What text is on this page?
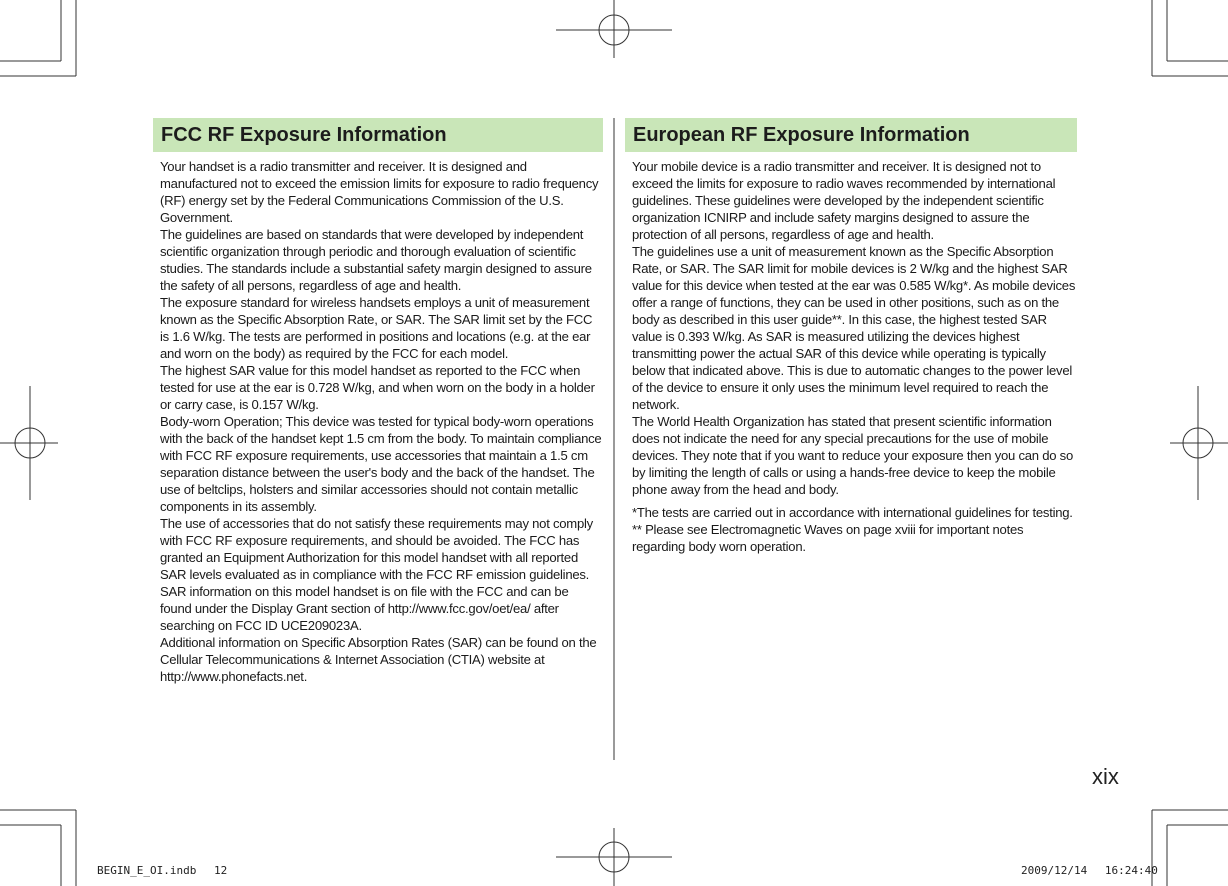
FCC RF Exposure Information

Your handset is a radio transmitter and receiver. It is designed and manufactured not to exceed the emission limits for exposure to radio frequency (RF) energy set by the Federal Communications Commission of the U.S. Government.

The guidelines are based on standards that were developed by independent scientific organization through periodic and thorough evaluation of scientific studies. The standards include a substantial safety margin designed to assure the safety of all persons, regardless of age and health.

The exposure standard for wireless handsets employs a unit of measurement known as the Specific Absorption Rate, or SAR. The SAR limit set by the FCC is 1.6 W/kg. The tests are performed in positions and locations (e.g. at the ear and worn on the body) as required by the FCC for each model.

The highest SAR value for this model handset as reported to the FCC when tested for use at the ear is 0.728 W/kg, and when worn on the body in a holder or carry case, is 0.157 W/kg.

Body-worn Operation; This device was tested for typical body-worn operations with the back of the handset kept 1.5 cm from the body. To maintain compliance with FCC RF exposure requirements, use accessories that maintain a 1.5 cm separation distance between the user's body and the back of the handset. The use of beltclips, holsters and similar accessories should not contain metallic components in its assembly.

The use of accessories that do not satisfy these requirements may not comply with FCC RF exposure requirements, and should be avoided. The FCC has granted an Equipment Authorization for this model handset with all reported SAR levels evaluated as in compliance with the FCC RF emission guidelines. SAR information on this model handset is on file with the FCC and can be found under the Display Grant section of http://www.fcc.gov/oet/ea/ after searching on FCC ID UCE209023A.

Additional information on Specific Absorption Rates (SAR) can be found on the Cellular Telecommunications & Internet Association (CTIA) website at http://www.phonefacts.net.

European RF Exposure Information

Your mobile device is a radio transmitter and receiver. It is designed not to exceed the limits for exposure to radio waves recommended by international guidelines. These guidelines were developed by the independent scientific organization ICNIRP and include safety margins designed to assure the protection of all persons, regardless of age and health.

The guidelines use a unit of measurement known as the Specific Absorption Rate, or SAR. The SAR limit for mobile devices is 2 W/kg and the highest SAR value for this device when tested at the ear was 0.585 W/kg*. As mobile devices offer a range of functions, they can be used in other positions, such as on the body as described in this user guide**. In this case, the highest tested SAR value is 0.393 W/kg. As SAR is measured utilizing the devices highest transmitting power the actual SAR of this device while operating is typically below that indicated above. This is due to automatic changes to the power level of the device to ensure it only uses the minimum level required to reach the network.

The World Health Organization has stated that present scientific information does not indicate the need for any special precautions for the use of mobile devices. They note that if you want to reduce your exposure then you can do so by limiting the length of calls or using a hands-free device to keep the mobile phone away from the head and body.

*The tests are carried out in accordance with international guidelines for testing.

** Please see Electromagnetic Waves on page xviii for important notes regarding body worn operation.

xix
BEGIN_E_OI.indb　 12	2009/12/14　 16:24:40
